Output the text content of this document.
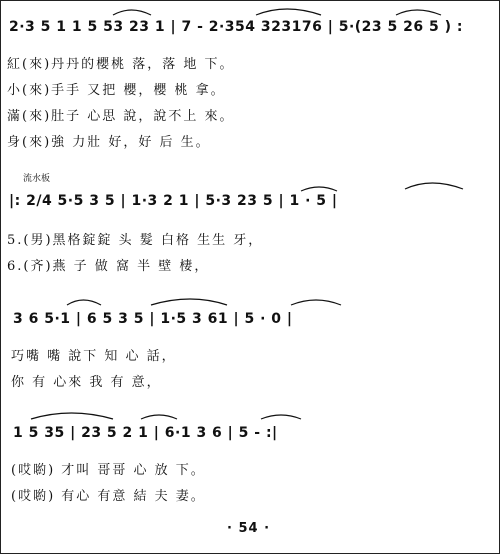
2·3 5 1 1 5 53 23 1 | 7 - 2·354 323176 | 5·(23 5 26 5 ) :
紅(來)丹丹的櫻桃 落，落 地 下。
小(來)手手 又把 櫻，櫻 桃 拿。
滿(來)肚子 心思 說，說不上 來。
身(來)強 力壯 好，好 后 生。
流水板
|: 2/4 5·5 3 5 | 1·3 2 1 | 5·3 23 5 | 1 · 5 |
5.(男)黑格錠錠 头 髮 白格 生生 牙，
6.(齐)燕 子 做 窩 半 壁 棲，
3 6 5·1 | 6 5 3 5 | 1·5 3 61 | 5 · 0 |
巧嘴 嘴 說下 知 心 話，
你 有 心來 我 有 意，
1 5 35 | 23 5 2 1 | 6·1 3 6 | 5 - :|
(哎喲) 才叫 哥哥 心 放 下。
(哎喲) 有心 有意 結 夫 妻。
· 54 ·
